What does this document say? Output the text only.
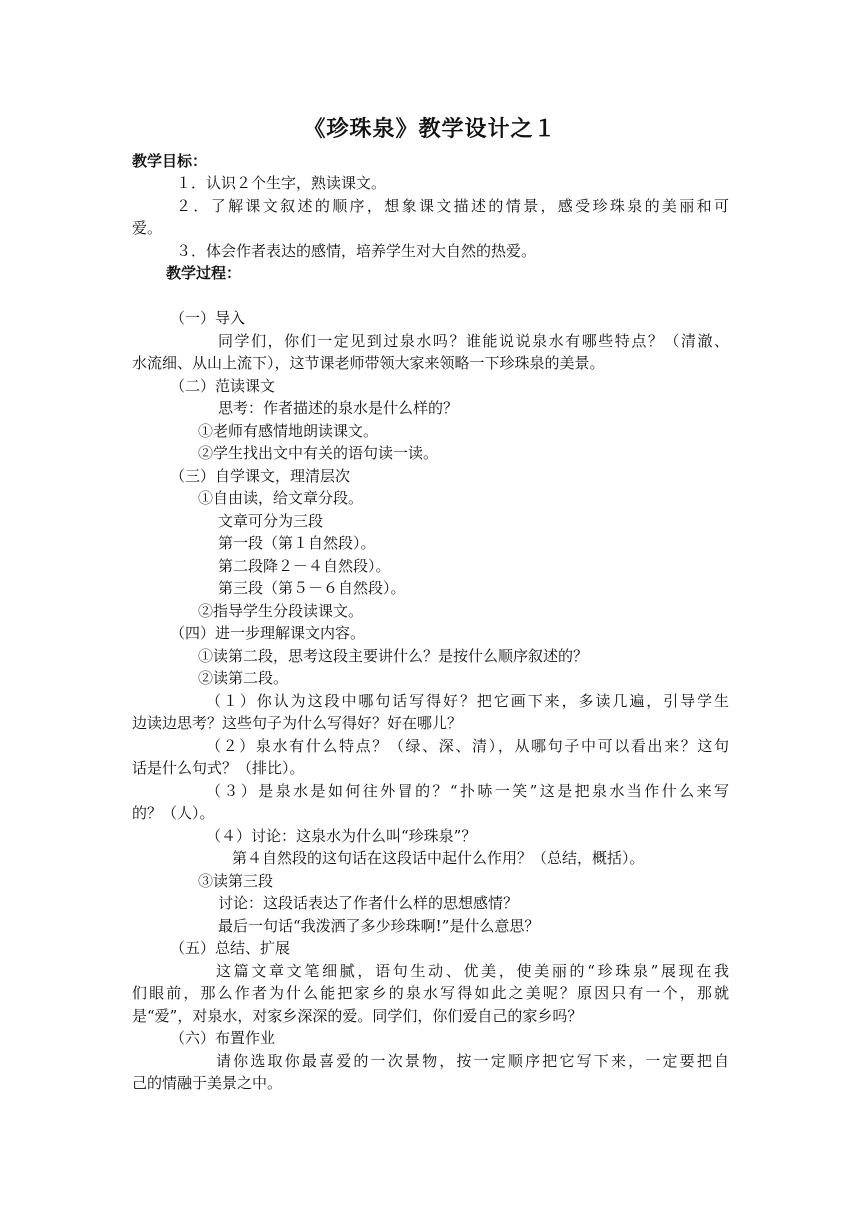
《珍珠泉》教学设计之１
教学目标：
１．认识２个生字，熟读课文。
２．了解课文叙述的顺序，想象课文描述的情景，感受珍珠泉的美丽和可
爱。
３．体会作者表达的感情，培养学生对大自然的热爱。
教学过程：
（一）导入
同学们，你们一定见到过泉水吗？谁能说说泉水有哪些特点？（清澈、
水流细、从山上流下），这节课老师带领大家来领略一下珍珠泉的美景。
（二）范读课文
思考：作者描述的泉水是什么样的？
①老师有感情地朗读课文。
②学生找出文中有关的语句读一读。
（三）自学课文，理清层次
①自由读，给文章分段。
文章可分为三段
第一段（第１自然段）。
第二段降２－４自然段）。
第三段（第５－６自然段）。
②指导学生分段读课文。
（四）进一步理解课文内容。
①读第二段，思考这段主要讲什么？是按什么顺序叙述的？
②读第二段。
（１）你认为这段中哪句话写得好？把它画下来，多读几遍，引导学生
边读边思考？这些句子为什么写得好？好在哪儿？
（２）泉水有什么特点？（绿、深、清），从哪句子中可以看出来？这句
话是什么句式？（排比）。
（３）是泉水是如何往外冒的？“扑哧一笑”这是把泉水当作什么来写
的？（人）。
（４）讨论：这泉水为什么叫“珍珠泉”？
第４自然段的这句话在这段话中起什么作用？（总结，概括）。
③读第三段
讨论：这段话表达了作者什么样的思想感情？
最后一句话“我泼洒了多少珍珠啊!”是什么意思？
（五）总结、扩展
这篇文章文笔细腻，语句生动、优美，使美丽的“珍珠泉”展现在我
们眼前，那么作者为什么能把家乡的泉水写得如此之美呢？原因只有一个，那就
是“爱”，对泉水，对家乡深深的爱。同学们，你们爱自己的家乡吗？
（六）布置作业
请你选取你最喜爱的一次景物，按一定顺序把它写下来，一定要把自
己的情融于美景之中。
